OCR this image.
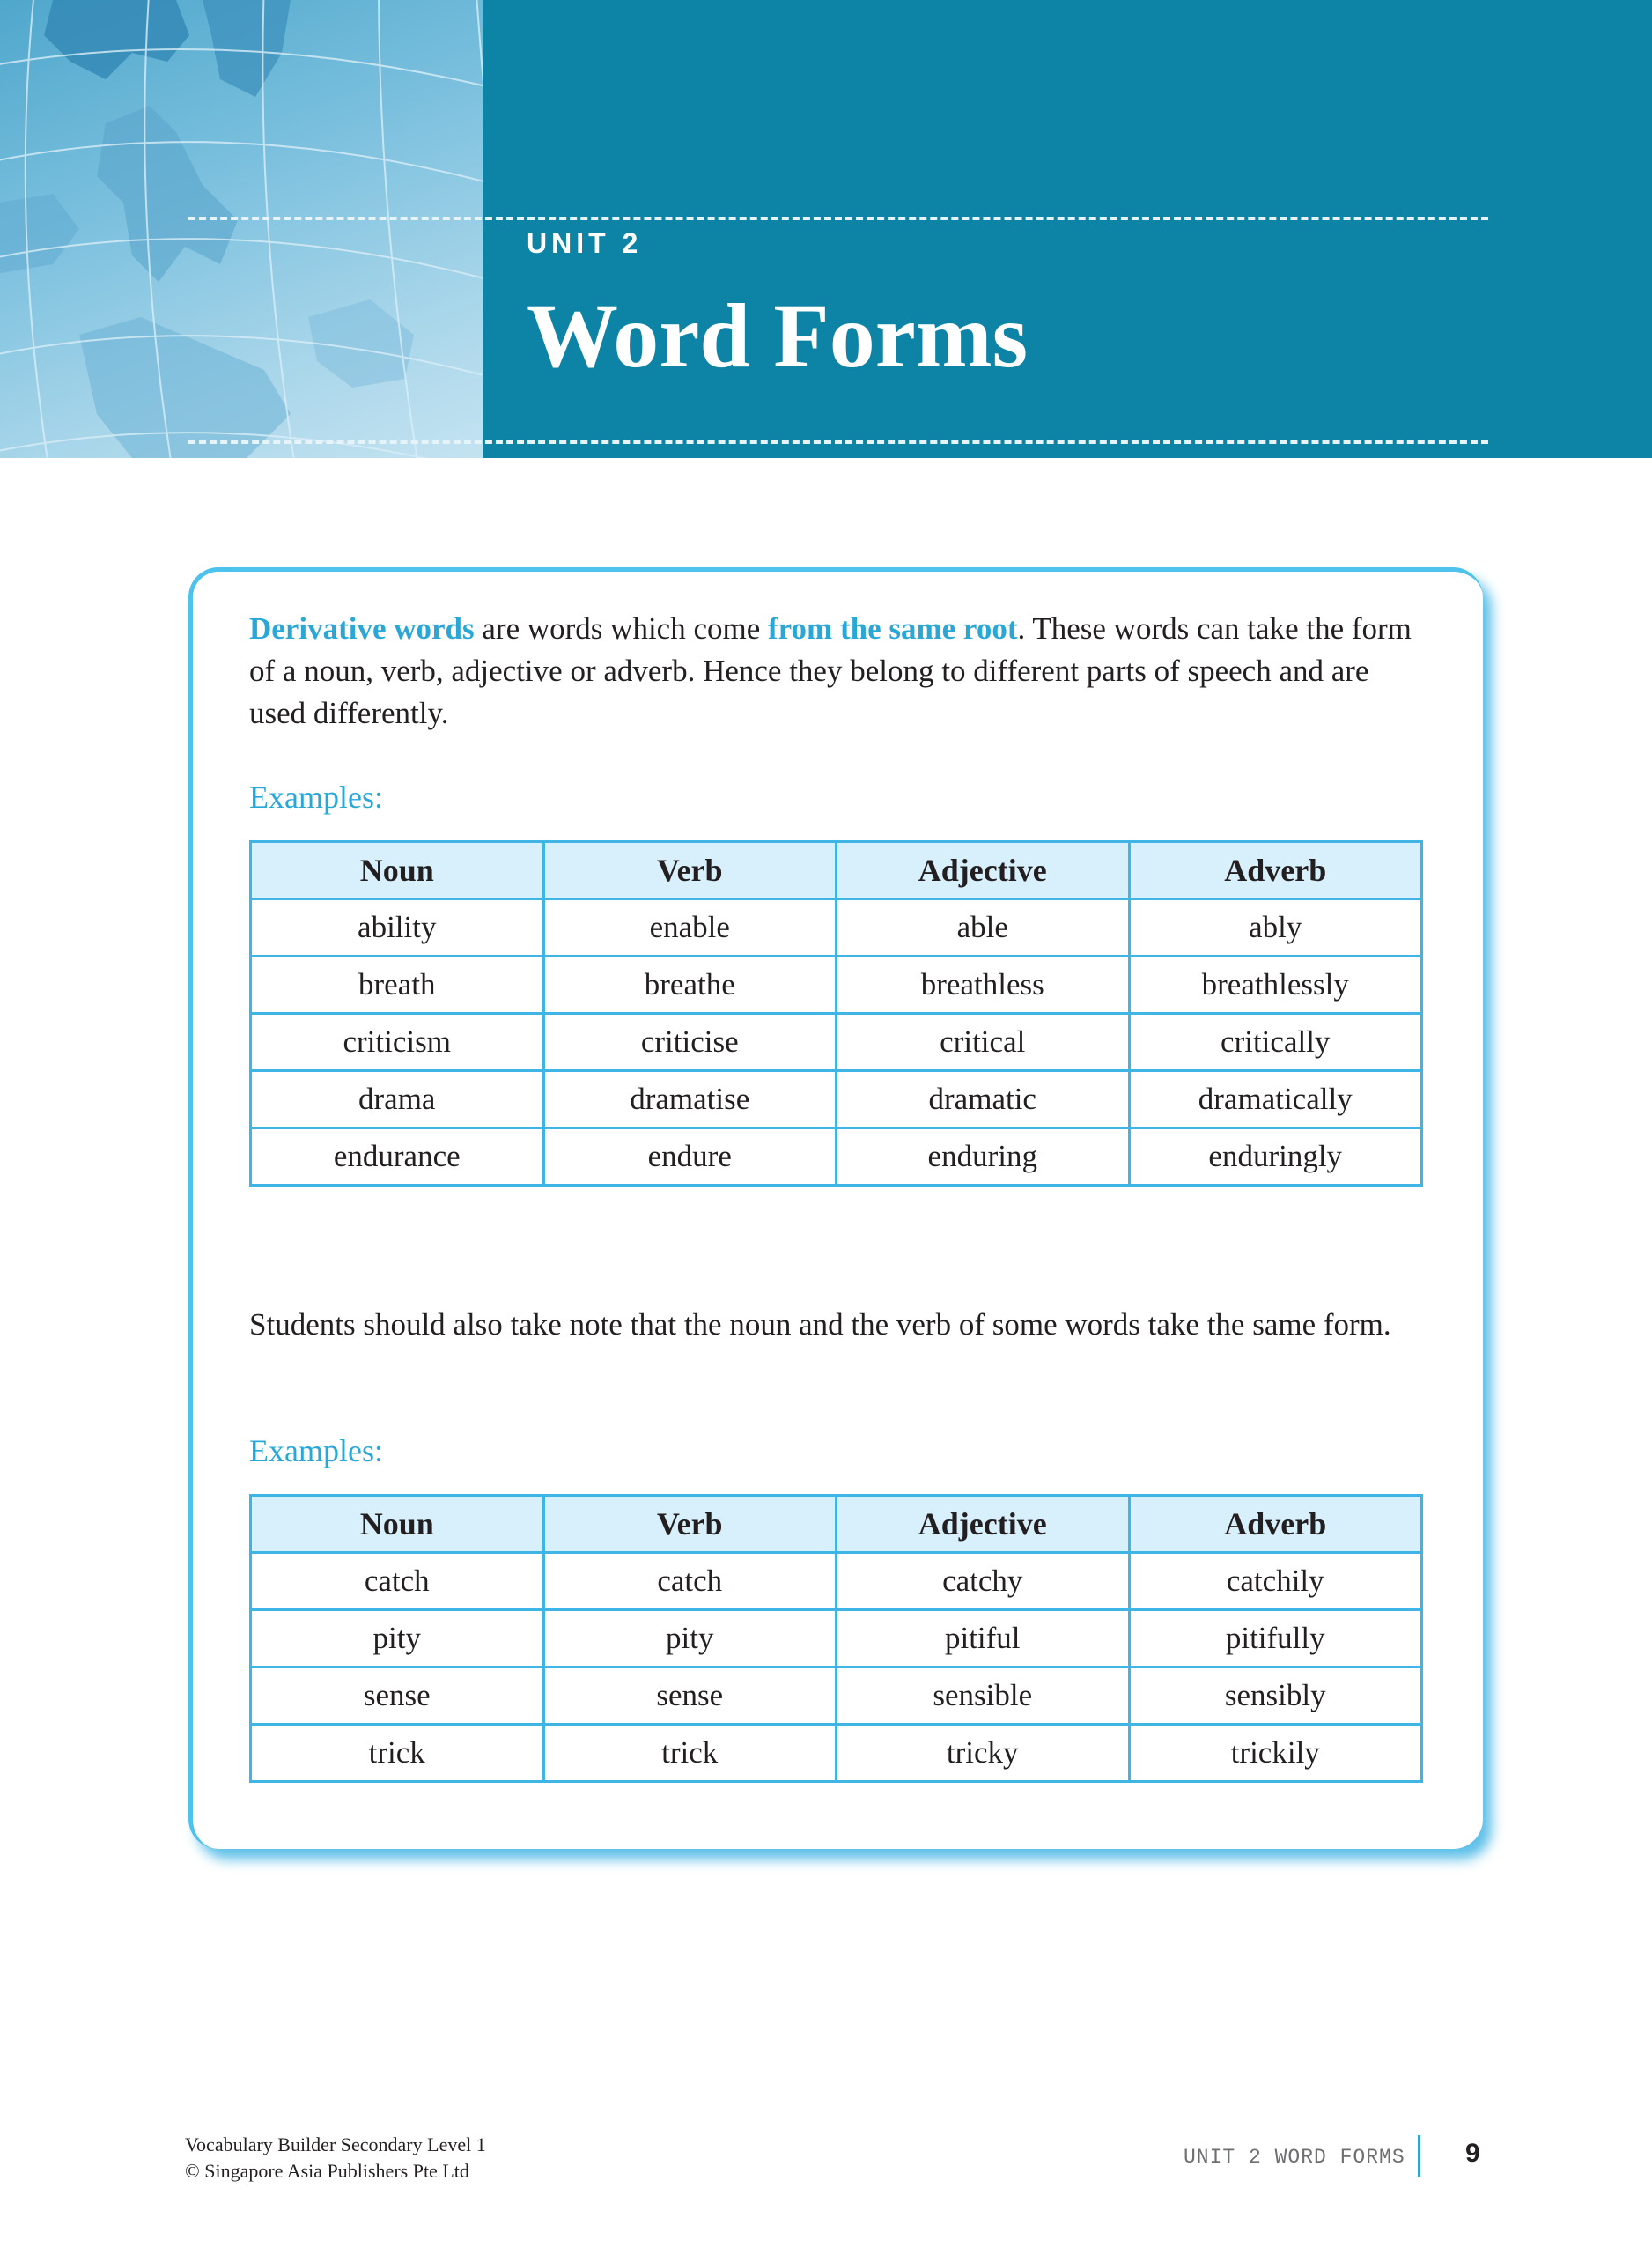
UNIT 2
Word Forms

Derivative words are words which come from the same root. These words can take the form of a noun, verb, adjective or adverb. Hence they belong to different parts of speech and are used differently.

Examples:
Noun	Verb	Adjective	Adverb
ability	enable	able	ably
breath	breathe	breathless	breathlessly
criticism	criticise	critical	critically
drama	dramatise	dramatic	dramatically
endurance	endure	enduring	enduringly

Students should also take note that the noun and the verb of some words take the same form.

Examples:
Noun	Verb	Adjective	Adverb
catch	catch	catchy	catchily
pity	pity	pitiful	pitifully
sense	sense	sensible	sensibly
trick	trick	tricky	trickily
Vocabulary Builder Secondary Level 1
© Singapore Asia Publishers Pte Ltd
UNIT 2 WORD FORMS 9
